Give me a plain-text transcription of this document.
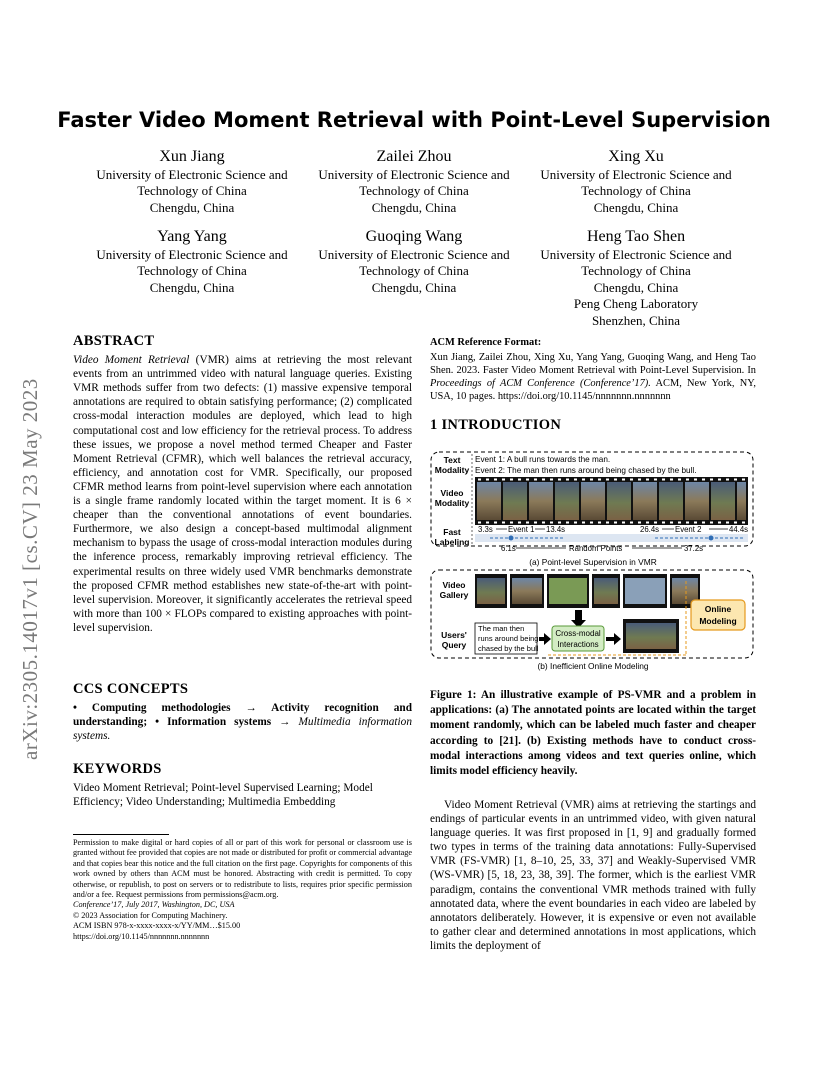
arXiv:2305.14017v1 [cs.CV] 23 May 2023
Faster Video Moment Retrieval with Point-Level Supervision
Xun Jiang
University of Electronic Science and
Technology of China
Chengdu, China
Zailei Zhou
University of Electronic Science and
Technology of China
Chengdu, China
Xing Xu
University of Electronic Science and
Technology of China
Chengdu, China
Yang Yang
University of Electronic Science and
Technology of China
Chengdu, China
Guoqing Wang
University of Electronic Science and
Technology of China
Chengdu, China
Heng Tao Shen
University of Electronic Science and
Technology of China
Chengdu, China
Peng Cheng Laboratory
Shenzhen, China
ABSTRACT

Video Moment Retrieval (VMR) aims at retrieving the most relevant events from an untrimmed video with natural language queries. Existing VMR methods suffer from two defects: (1) massive expensive temporal annotations are required to obtain satisfying performance; (2) complicated cross-modal interaction modules are deployed, which lead to high computational cost and low efficiency for the retrieval process. To address these issues, we propose a novel method termed Cheaper and Faster Moment Retrieval (CFMR), which well balances the retrieval accuracy, efficiency, and annotation cost for VMR. Specifically, our proposed CFMR method learns from point-level supervision where each annotation is a single frame randomly located within the target moment. It is 6 × cheaper than the conventional annotations of event boundaries. Furthermore, we also design a concept-based multimodal alignment mechanism to bypass the usage of cross-modal interaction modules during the inference process, remarkably improving retrieval efficiency. The experimental results on three widely used VMR benchmarks demonstrate the proposed CFMR method establishes new state-of-the-art with point-level supervision. Moreover, it significantly accelerates the retrieval speed with more than 100 × FLOPs compared to existing approaches with point-level supervision.

CCS CONCEPTS

• Computing methodologies → Activity recognition and understanding; • Information systems → Multimedia information systems.

KEYWORDS

Video Moment Retrieval; Point-level Supervised Learning; Model Efficiency; Video Understanding; Multimedia Embedding

Permission to make digital or hard copies of all or part of this work for personal or classroom use is granted without fee provided that copies are not made or distributed for profit or commercial advantage and that copies bear this notice and the full citation on the first page. Copyrights for components of this work owned by others than ACM must be honored. Abstracting with credit is permitted. To copy otherwise, or republish, to post on servers or to redistribute to lists, requires prior specific permission and/or a fee. Request permissions from permissions@acm.org.

Conference’17, July 2017, Washington, DC, USA

© 2023 Association for Computing Machinery.

ACM ISBN 978-x-xxxx-xxxx-x/YY/MM…$15.00

https://doi.org/10.1145/nnnnnnn.nnnnnnn

ACM Reference Format:

Xun Jiang, Zailei Zhou, Xing Xu, Yang Yang, Guoqing Wang, and Heng Tao Shen. 2023. Faster Video Moment Retrieval with Point-Level Supervision. In Proceedings of ACM Conference (Conference’17). ACM, New York, NY, USA, 10 pages. https://doi.org/10.1145/nnnnnnn.nnnnnnn

1 INTRODUCTION
Text
Modality
Video
Modality
Fast
Labeling
Event 1: A bull runs towards the man.
Event 2: The man then runs around being chased by the bull.
3.3s Event 1 13.4s	26.4s Event 2	44.4s
6.1s	Random Points	37.2s
(a) Point-level Supervision in VMR
Video
Gallery
Users'
Query
The man then
runs around being
chased by the bull
Cross-modal
Interactions
Online
Modeling
(b) Inefficient Online Modeling
Figure 1: An illustrative example of PS-VMR and a problem in applications: (a) The annotated points are located within the target moment randomly, which can be labeled much faster and cheaper according to [21]. (b) Existing methods have to conduct cross-modal interactions among videos and text queries online, which limits model efficiency heavily.

Video Moment Retrieval (VMR) aims at retrieving the startings and endings of particular events in an untrimmed video, with given natural language queries. It was first proposed in [1, 9] and gradually formed two types in terms of the training data annotations: Fully-Supervised VMR (FS-VMR) [1, 8–10, 25, 33, 37] and Weakly-Supervised VMR (WS-VMR) [5, 18, 23, 38, 39]. The former, which is the earliest VMR paradigm, contains the conventional VMR methods trained with fully annotated data, where the event boundaries in each video are labeled by annotators deliberately. However, it is expensive or even not available to gather clear and determined annotations in most applications, which limits the deployment of
